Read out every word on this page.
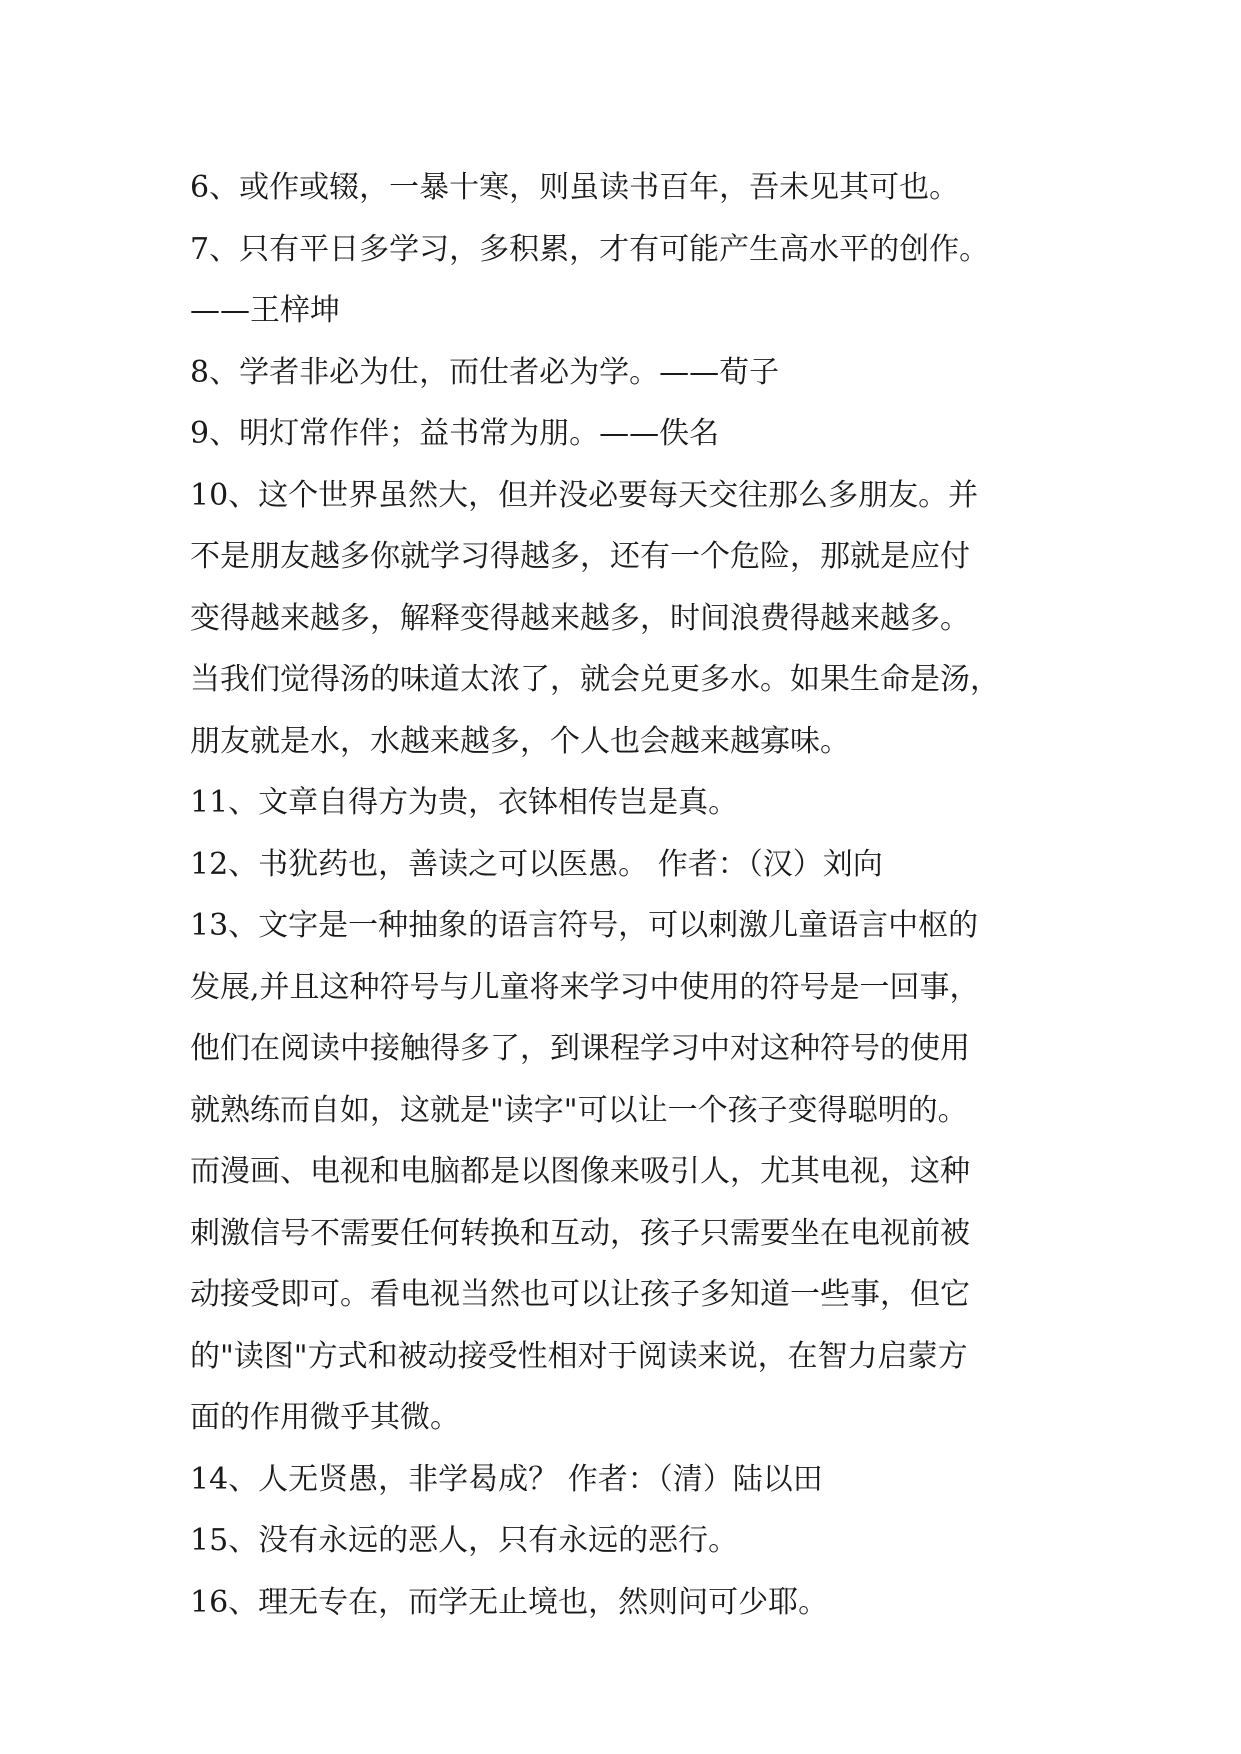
6、或作或辍，一暴十寒，则虽读书百年，吾未见其可也。
7、只有平日多学习，多积累，才有可能产生高水平的创作。
——王梓坤
8、学者非必为仕，而仕者必为学。——荀子
9、明灯常作伴；益书常为朋。——佚名
10、这个世界虽然大，但并没必要每天交往那么多朋友。并
不是朋友越多你就学习得越多，还有一个危险，那就是应付
变得越来越多，解释变得越来越多，时间浪费得越来越多。
当我们觉得汤的味道太浓了，就会兑更多水。如果生命是汤，
朋友就是水，水越来越多，个人也会越来越寡味。
11、文章自得方为贵，衣钵相传岂是真。
12、书犹药也，善读之可以医愚。 作者：（汉）刘向
13、文字是一种抽象的语言符号，可以刺激儿童语言中枢的
发展,并且这种符号与儿童将来学习中使用的符号是一回事，
他们在阅读中接触得多了，到课程学习中对这种符号的使用
就熟练而自如，这就是"读字"可以让一个孩子变得聪明的。
而漫画、电视和电脑都是以图像来吸引人，尤其电视，这种
刺激信号不需要任何转换和互动，孩子只需要坐在电视前被
动接受即可。看电视当然也可以让孩子多知道一些事，但它
的"读图"方式和被动接受性相对于阅读来说，在智力启蒙方
面的作用微乎其微。
14、人无贤愚，非学曷成？ 作者：（清）陆以田
15、没有永远的恶人，只有永远的恶行。
16、理无专在，而学无止境也，然则问可少耶。
